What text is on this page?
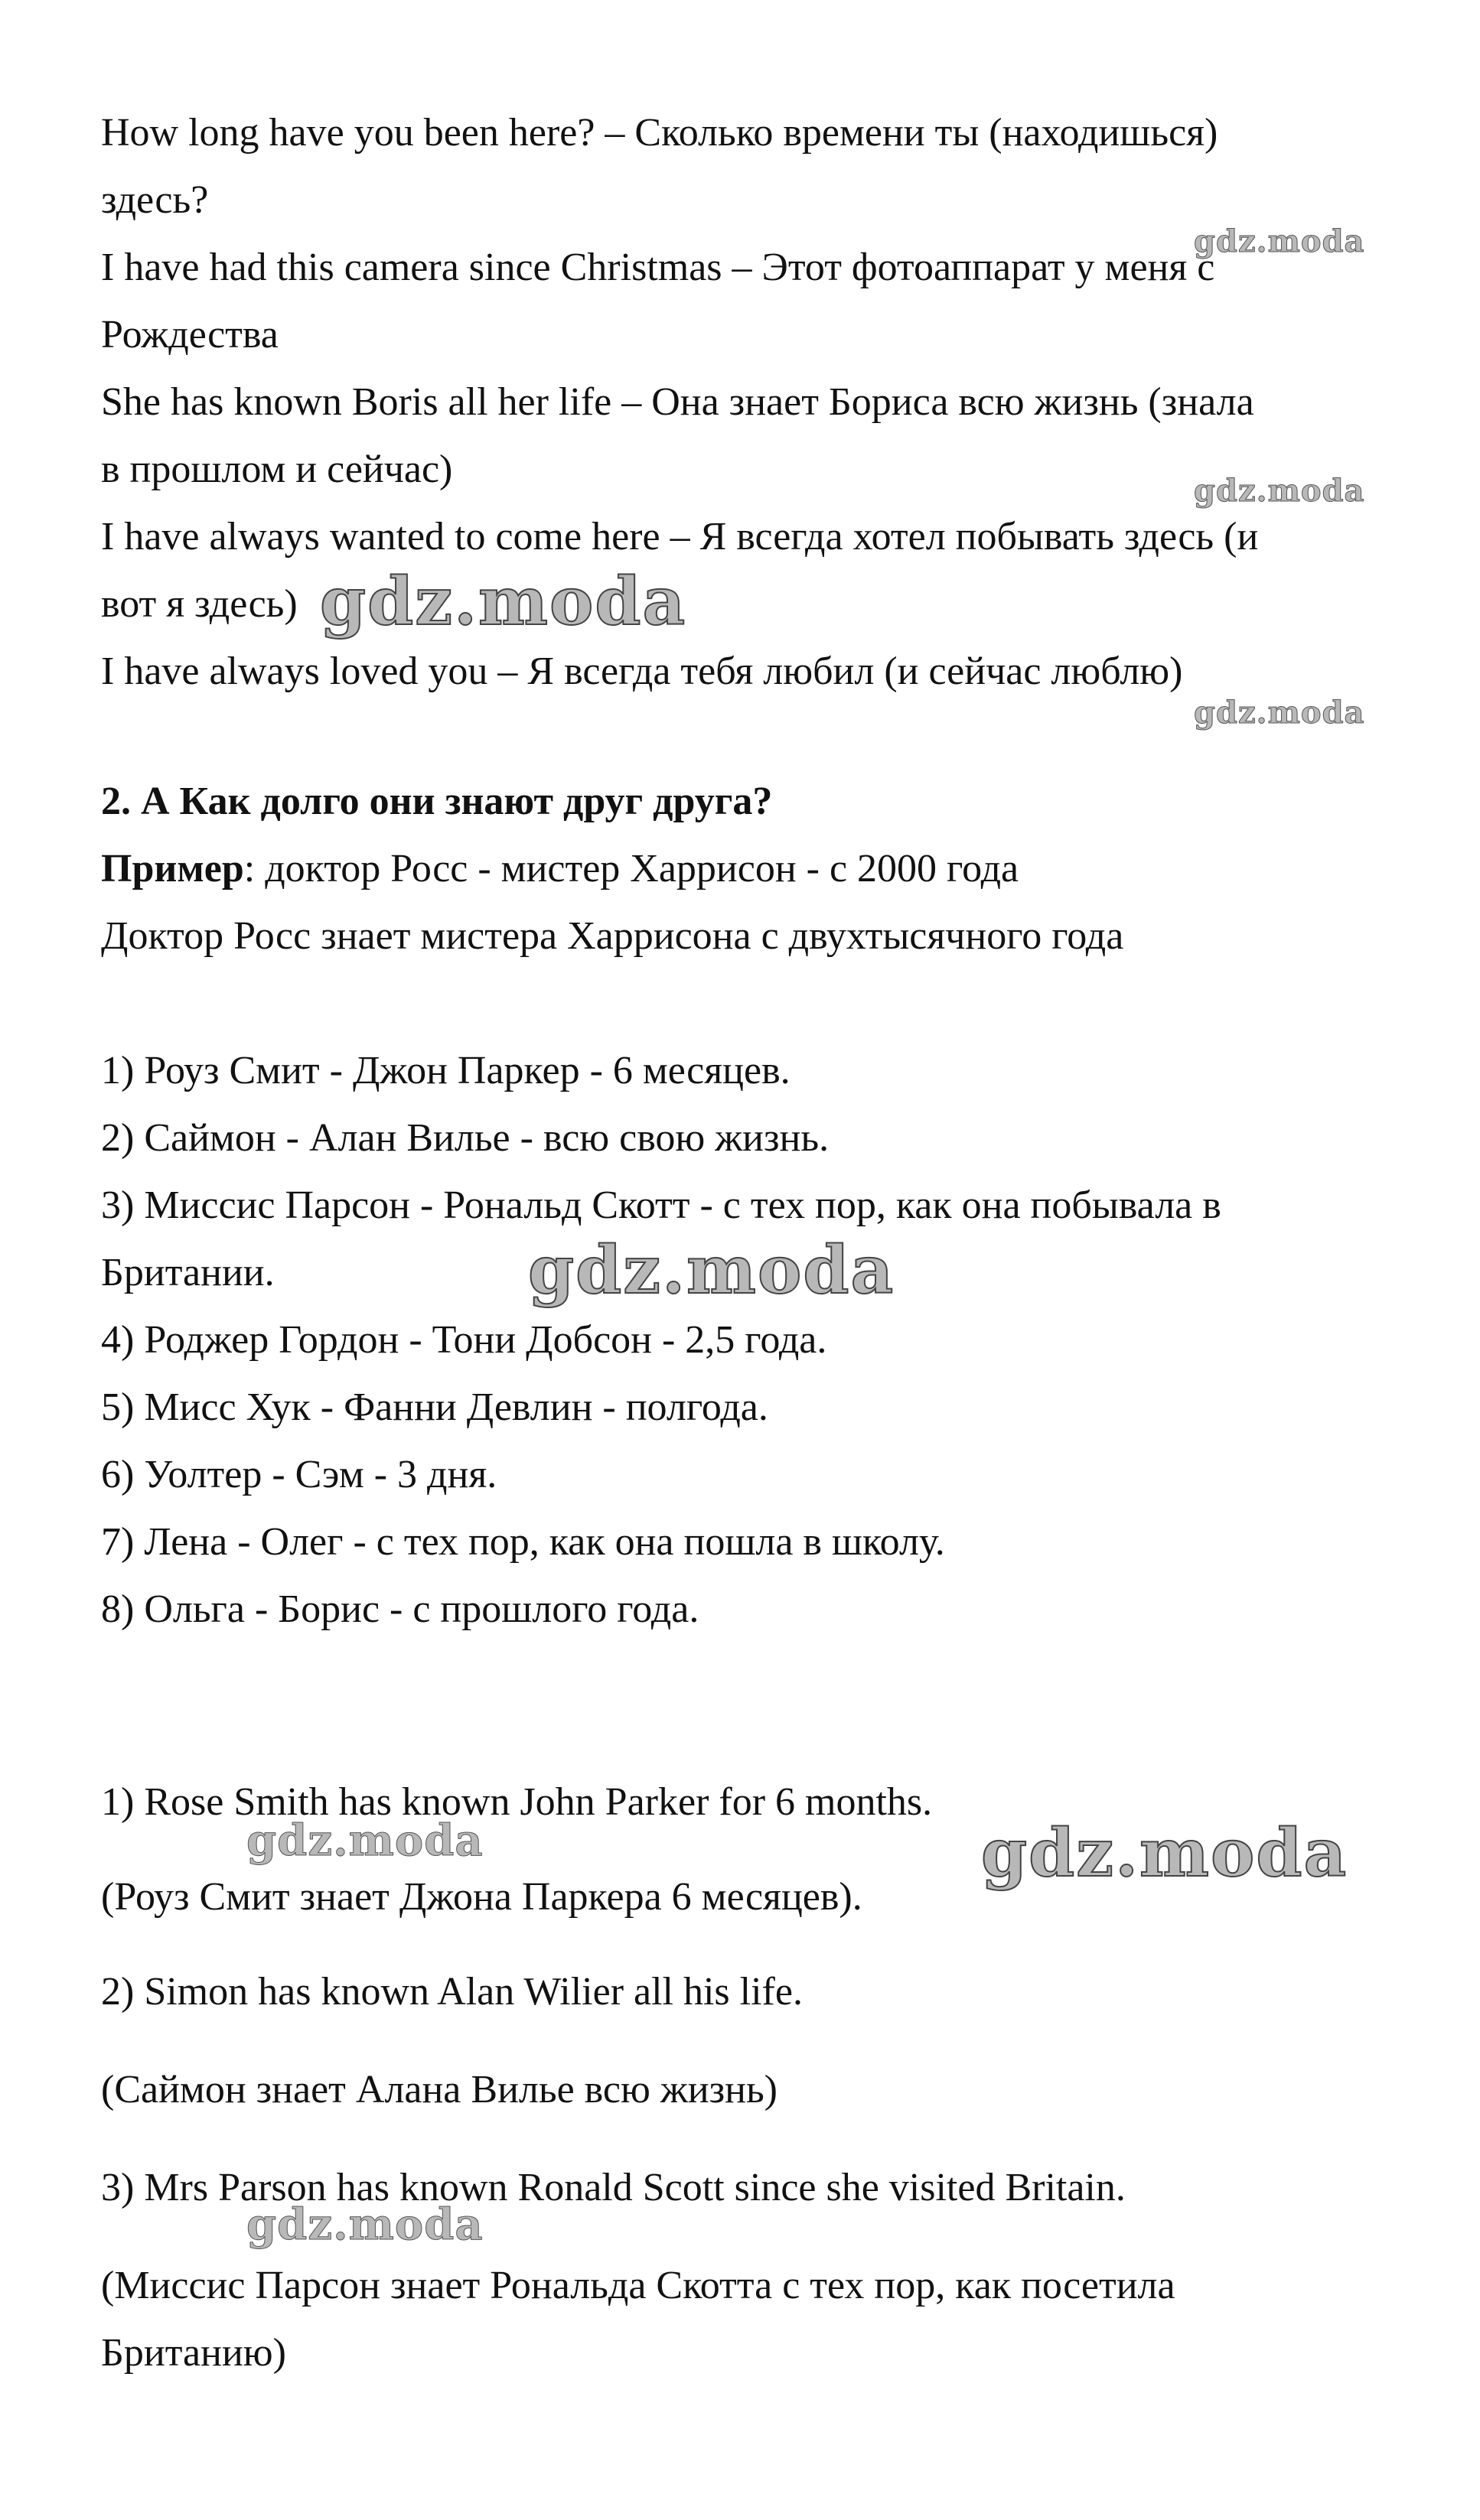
How long have you been here? – Сколько времени ты (находишься)
здесь?
I have had this camera since Christmas – Этот фотоаппарат у меня с
Рождества
She has known Boris all her life – Она знает Бориса всю жизнь (знала
в прошлом и сейчас)
I have always wanted to come here – Я всегда хотел побывать здесь (и
вот я здесь)
I have always loved you – Я всегда тебя любил (и сейчас люблю)
2. А Как долго они знают друг друга?
Пример: доктор Росс - мистер Харрисон - с 2000 года
Доктор Росс знает мистера Харрисона с двухтысячного года
1) Роуз Смит - Джон Паркер - 6 месяцев.
2) Саймон - Алан Вилье - всю свою жизнь.
3) Миссис Парсон - Рональд Скотт - с тех пор, как она побывала в
Британии.
4) Роджер Гордон - Тони Добсон - 2,5 года.
5) Мисс Хук - Фанни Девлин - полгода.
6) Уолтер - Сэм - 3 дня.
7) Лена - Олег - с тех пор, как она пошла в школу.
8) Ольга - Борис - с прошлого года.
1) Rose Smith has known John Parker for 6 months.
(Роуз Смит знает Джона Паркера 6 месяцев).
2) Simon has known Alan Wilier all his life.
(Саймон знает Алана Вилье всю жизнь)
3) Mrs Parson has known Ronald Scott since she visited Britain.
(Миссис Парсон знает Рональда Скотта с тех пор, как посетила
Британию)
gdz.moda
gdz.moda
gdz.moda
gdz.moda
gdz.moda
gdz.moda	gdz.moda
gdz.moda
